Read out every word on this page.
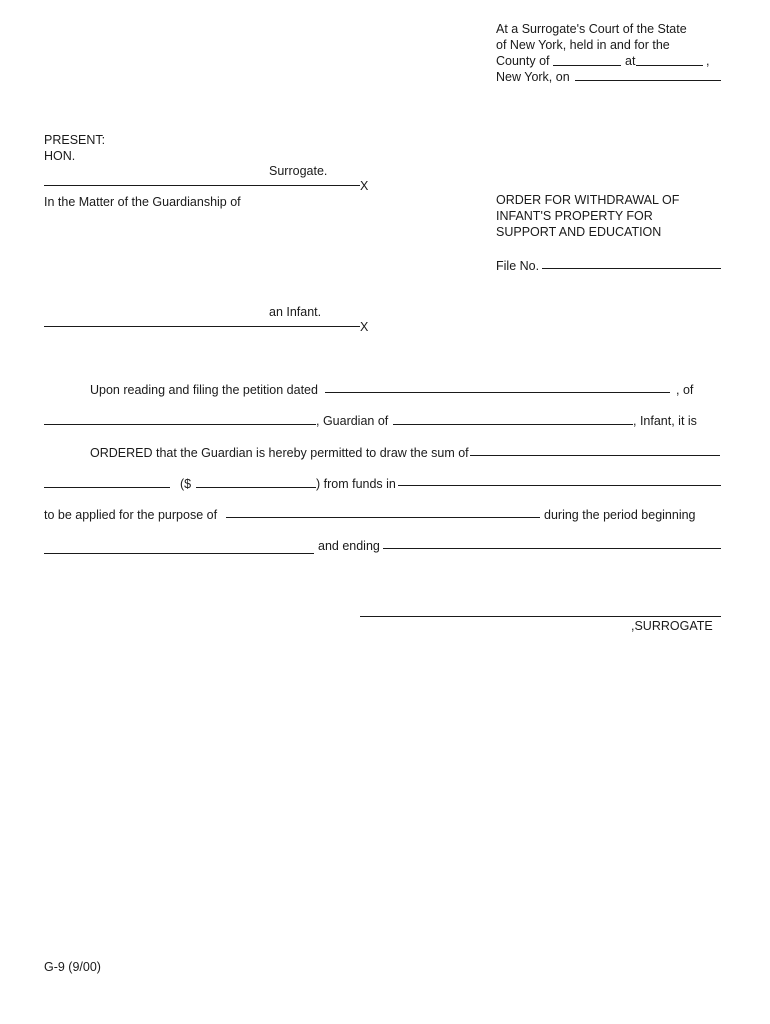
At a Surrogate's Court of the State
of New York, held in and for the
County of	at	,
New York, on
PRESENT:
HON.
Surrogate.
X
In the Matter of the Guardianship of
an Infant.
X
ORDER FOR WITHDRAWAL OF
INFANT'S PROPERTY FOR
SUPPORT AND EDUCATION
File No.
Upon reading and filing the petition dated	, of
, Guardian of	, Infant, it is
ORDERED that the Guardian is hereby permitted to draw the sum of
($	) from funds in
to be applied for the purpose of	during the period beginning
and ending
,SURROGATE
G-9 (9/00)
